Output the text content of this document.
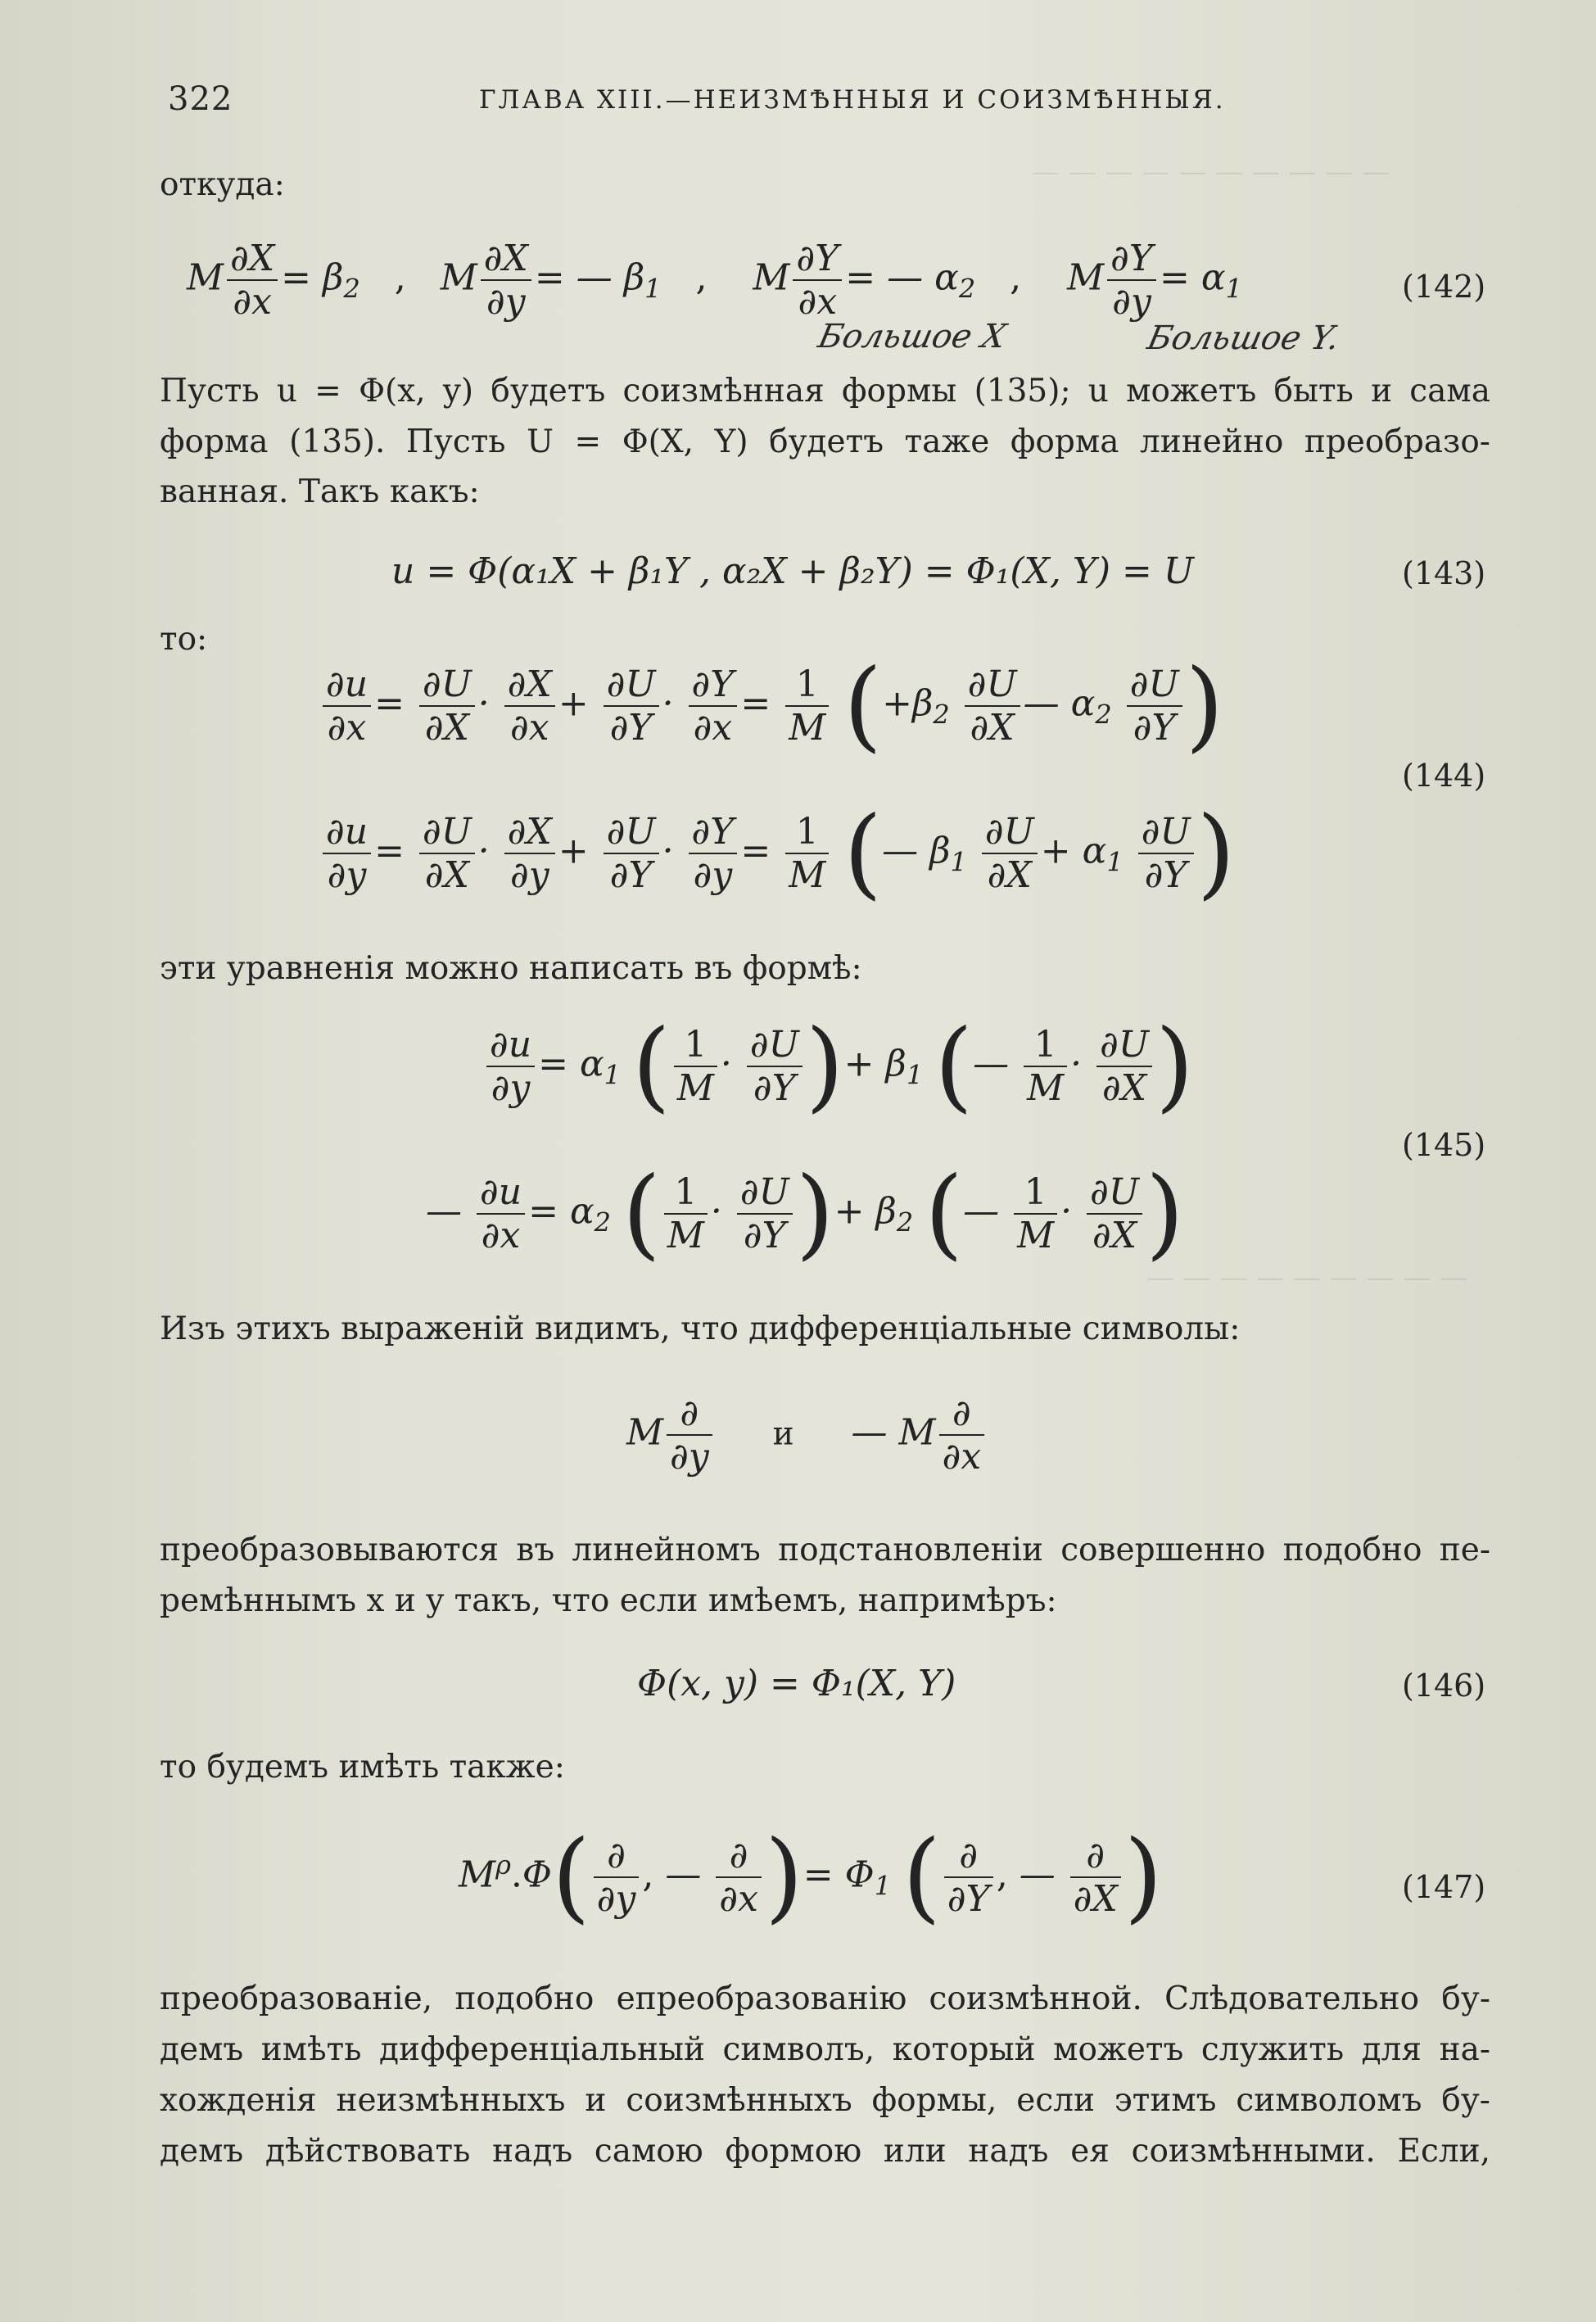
— — — — — — — — — —
— — — — — — — — —
322	ГЛАВА XIII.—НЕИЗМѢННЫЯ И СОИЗМѢННЫЯ.
откуда:
M $\frac{\partial X}{\partial x} = \beta_2$ ,   M $\frac{\partial X}{\partial y}$ = — $\beta_1$ ,    M $\frac{\partial Y}{\partial x}$ = — $\alpha_2$ ,    M $\frac{\partial Y}{\partial y} = \alpha_1$	(142)
Большое X	Большое Y.
Пусть u = Φ(x, y) будетъ соизмѣнная формы (135); u можетъ быть и сама
форма (135). Пусть U = Φ(X, Y) будетъ таже форма линейно преобразо-
ванная. Такъ какъ:
u = Φ(α₁X + β₁Y , α₂X + β₂Y) = Φ₁(X, Y) = U	(143)
то:
$\frac{\partial u}{\partial x} = \frac{\partial U}{\partial X} \cdot \frac{\partial X}{\partial x} + \frac{\partial U}{\partial Y} \cdot \frac{\partial Y}{\partial x} = \frac{1}{M} (+\beta_2 \frac{\partial U}{\partial X}$ — $\alpha_2 \frac{\partial U}{\partial Y}$ )
(144)
$\frac{\partial u}{\partial y} = \frac{\partial U}{\partial X} \cdot \frac{\partial X}{\partial y} + \frac{\partial U}{\partial Y} \cdot \frac{\partial Y}{\partial y} = \frac{1}{M}$ (— $\beta_1 \frac{\partial U}{\partial X} + \alpha_1 \frac{\partial U}{\partial Y}$ )
эти уравненія можно написать въ формѣ:
$\frac{\partial u}{\partial y} = \alpha_1$ ( $\frac{1}{M} \cdot \frac{\partial U}{\partial Y}$ )+ $\beta_1$ (— $\frac{1}{M} \cdot \frac{\partial U}{\partial X}$ )
(145)
— $\frac{\partial u}{\partial x} = \alpha_2$ ( $\frac{1}{M} \cdot \frac{\partial U}{\partial Y}$ )+ $\beta_2$ (— $\frac{1}{M} \cdot \frac{\partial U}{\partial X}$ )
Изъ этихъ выраженій видимъ, что дифференціальные символы:
M $\frac{\partial}{\partial y}$ и     — M $\frac{\partial}{\partial x}$
преобразовываются въ линейномъ подстановленіи совершенно подобно пе-
ремѣннымъ x и y такъ, что если имѣемъ, напримѣръ:
Φ(x, y) = Φ₁(X, Y)	(146)
то будемъ имѣть также:
$M^\rho.\Phi( \frac{\partial}{\partial y}$ , — $\frac{\partial}{\partial x}$ )= $\Phi_1$ ( $\frac{\partial}{\partial Y}$ , — $\frac{\partial}{\partial X}$ )	(147)
преобразованіе, подобно епреобразованію соизмѣнной. Слѣдовательно бу-
демъ имѣть дифференціальный символъ, который можетъ служить для на-
хожденія неизмѣнныхъ и соизмѣнныхъ формы, если этимъ символомъ бу-
демъ дѣйствовать надъ самою формою или надъ ея соизмѣнными. Если,
